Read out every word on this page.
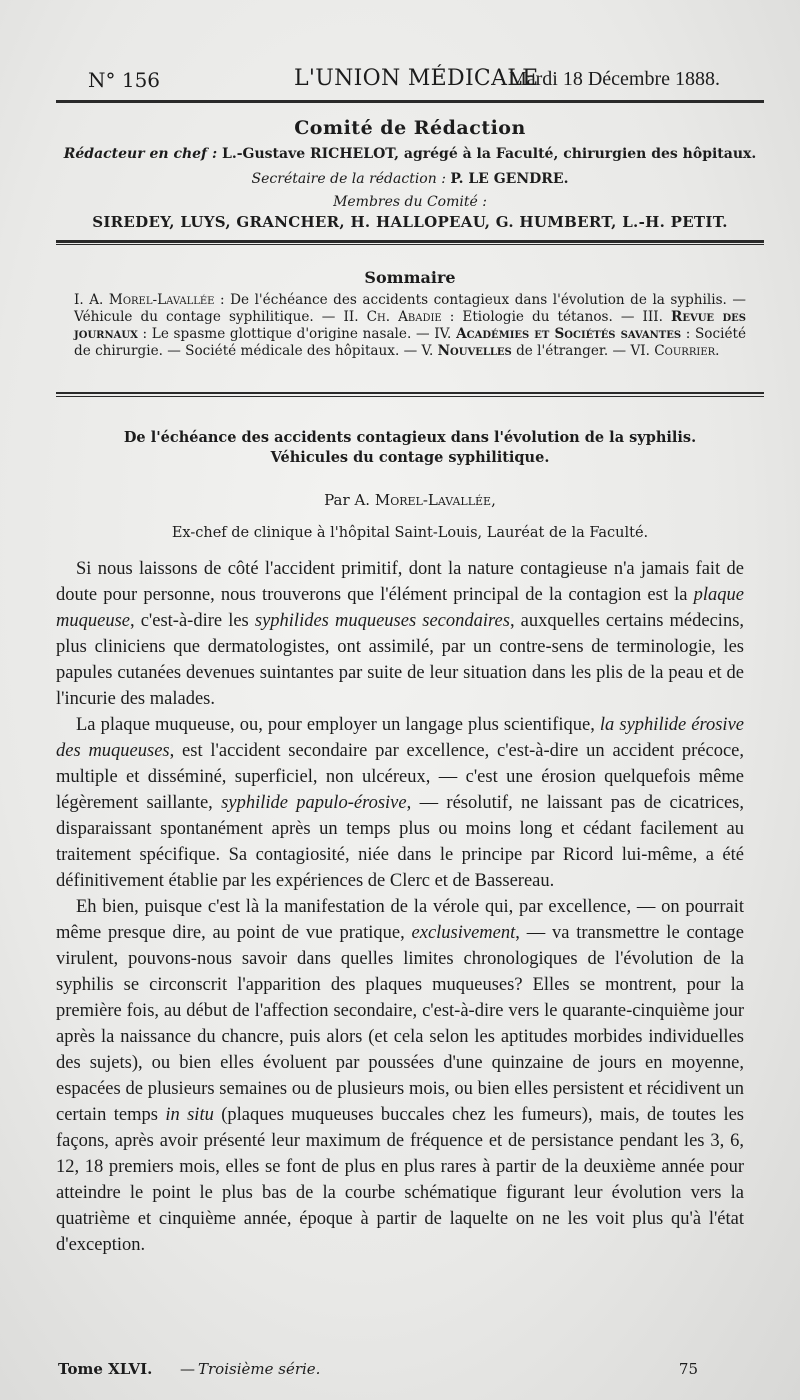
N° 156	L'UNION MÉDICALE
Mardi 18 Décembre 1888.
Comité de Rédaction
Rédacteur en chef : L.-Gustave RICHELOT, agrégé à la Faculté, chirurgien des hôpitaux.
Secrétaire de la rédaction : P. LE GENDRE.
Membres du Comité :
SIREDEY, LUYS, GRANCHER, H. HALLOPEAU, G. HUMBERT, L.-H. PETIT.
Sommaire
I. A. Morel-Lavallée : De l'échéance des accidents contagieux dans l'évolution de la syphilis. — Véhicule du contage syphilitique. — II. Ch. Abadie : Etiologie du tétanos. — III. Revue des journaux : Le spasme glottique d'origine nasale. — IV. Académies et Sociétés savantes : Société de chirurgie. — Société médicale des hôpitaux. — V. Nouvelles de l'étranger. — VI. Courrier.
De l'échéance des accidents contagieux dans l'évolution de la syphilis.
Véhicules du contage syphilitique.
Par A. Morel-Lavallée,
Ex-chef de clinique à l'hôpital Saint-Louis, Lauréat de la Faculté.

Si nous laissons de côté l'accident primitif, dont la nature contagieuse n'a jamais fait de doute pour personne, nous trouverons que l'élément principal de la contagion est la plaque muqueuse, c'est-à-dire les syphilides muqueuses secondaires, auxquelles certains médecins, plus cliniciens que dermatologistes, ont assimilé, par un contre-sens de terminologie, les papules cutanées devenues suintantes par suite de leur situation dans les plis de la peau et de l'incurie des malades.

La plaque muqueuse, ou, pour employer un langage plus scientifique, la syphilide érosive des muqueuses, est l'accident secondaire par excellence, c'est-à-dire un accident précoce, multiple et disséminé, superficiel, non ulcéreux, — c'est une érosion quelquefois même légèrement saillante, syphilide papulo-érosive, — résolutif, ne laissant pas de cicatrices, disparaissant spontanément après un temps plus ou moins long et cédant facilement au traitement spécifique. Sa contagiosité, niée dans le principe par Ricord lui-même, a été définitivement établie par les expériences de Clerc et de Bassereau.

Eh bien, puisque c'est là la manifestation de la vérole qui, par excellence, — on pourrait même presque dire, au point de vue pratique, exclusivement, — va transmettre le contage virulent, pouvons-nous savoir dans quelles limites chronologiques de l'évolution de la syphilis se circonscrit l'apparition des plaques muqueuses? Elles se montrent, pour la première fois, au début de l'affection secondaire, c'est-à-dire vers le quarante-cinquième jour après la naissance du chancre, puis alors (et cela selon les aptitudes morbides individuelles des sujets), ou bien elles évoluent par poussées d'une quinzaine de jours en moyenne, espacées de plusieurs semaines ou de plusieurs mois, ou bien elles persistent et récidivent un certain temps in situ (plaques muqueuses buccales chez les fumeurs), mais, de toutes les façons, après avoir présenté leur maximum de fréquence et de persistance pendant les 3, 6, 12, 18 premiers mois, elles se font de plus en plus rares à partir de la deuxième année pour atteindre le point le plus bas de la courbe schématique figurant leur évolution vers la quatrième et cinquième année, époque à partir de laquelte on ne les voit plus qu'à l'état d'exception.

Tome XLVI. — Troisième série.	75
